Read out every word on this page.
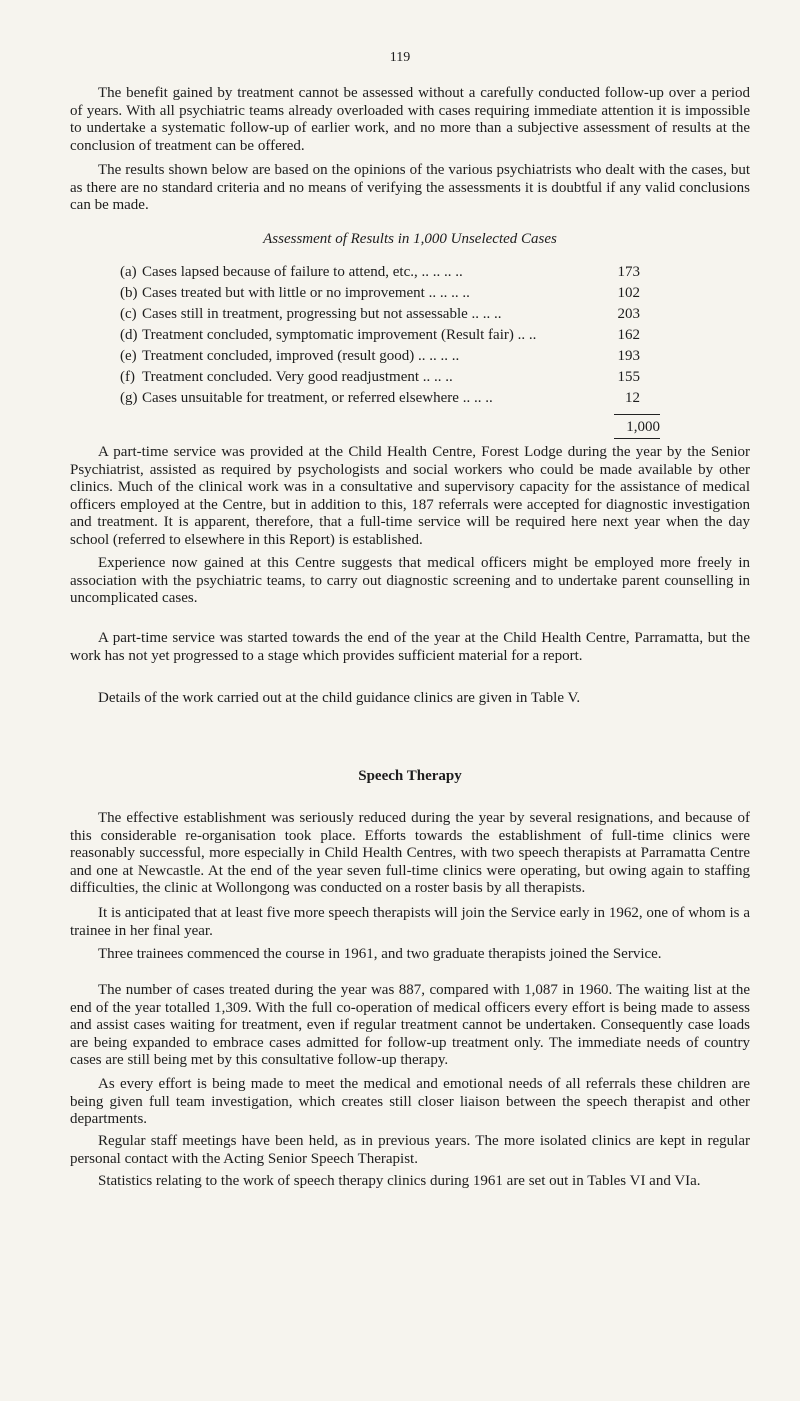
119

The benefit gained by treatment cannot be assessed without a carefully conducted follow-up over a period of years. With all psychiatric teams already overloaded with cases requiring immediate attention it is impossible to undertake a systematic follow-up of earlier work, and no more than a subjective assessment of results at the conclusion of treatment can be offered.

The results shown below are based on the opinions of the various psychiatrists who dealt with the cases, but as there are no standard criteria and no means of verifying the assessments it is doubtful if any valid conclusions can be made.

Assessment of Results in 1,000 Unselected Cases
(a) Cases lapsed because of failure to attend, etc., .. .. .. ..	173
(b) Cases treated but with little or no improvement .. .. .. ..	102
(c) Cases still in treatment, progressing but not assessable .. .. ..	203
(d) Treatment concluded, symptomatic improvement (Result fair) .. ..	162
(e) Treatment concluded, improved (result good) .. .. .. ..	193
(f) Treatment concluded. Very good readjustment .. .. ..	155
(g) Cases unsuitable for treatment, or referred elsewhere .. .. ..	12
1,000

A part-time service was provided at the Child Health Centre, Forest Lodge during the year by the Senior Psychiatrist, assisted as required by psychologists and social workers who could be made available by other clinics. Much of the clinical work was in a consultative and supervisory capacity for the assistance of medical officers employed at the Centre, but in addition to this, 187 referrals were accepted for diagnostic investigation and treatment. It is apparent, therefore, that a full-time service will be required here next year when the day school (referred to elsewhere in this Report) is established.

Experience now gained at this Centre suggests that medical officers might be employed more freely in association with the psychiatric teams, to carry out diagnostic screening and to undertake parent counselling in uncomplicated cases.

A part-time service was started towards the end of the year at the Child Health Centre, Parramatta, but the work has not yet progressed to a stage which provides sufficient material for a report.

Details of the work carried out at the child guidance clinics are given in Table V.

Speech Therapy

The effective establishment was seriously reduced during the year by several resignations, and because of this considerable re-organisation took place. Efforts towards the establishment of full-time clinics were reasonably successful, more especially in Child Health Centres, with two speech therapists at Parramatta Centre and one at Newcastle. At the end of the year seven full-time clinics were operating, but owing again to staffing difficulties, the clinic at Wollongong was conducted on a roster basis by all therapists.

It is anticipated that at least five more speech therapists will join the Service early in 1962, one of whom is a trainee in her final year.

Three trainees commenced the course in 1961, and two graduate therapists joined the Service.

The number of cases treated during the year was 887, compared with 1,087 in 1960. The waiting list at the end of the year totalled 1,309. With the full co-operation of medical officers every effort is being made to assess and assist cases waiting for treatment, even if regular treatment cannot be undertaken. Consequently case loads are being expanded to embrace cases admitted for follow-up treatment only. The immediate needs of country cases are still being met by this consultative follow-up therapy.

As every effort is being made to meet the medical and emotional needs of all referrals these children are being given full team investigation, which creates still closer liaison between the speech therapist and other departments.

Regular staff meetings have been held, as in previous years. The more isolated clinics are kept in regular personal contact with the Acting Senior Speech Therapist.

Statistics relating to the work of speech therapy clinics during 1961 are set out in Tables VI and VIa.
